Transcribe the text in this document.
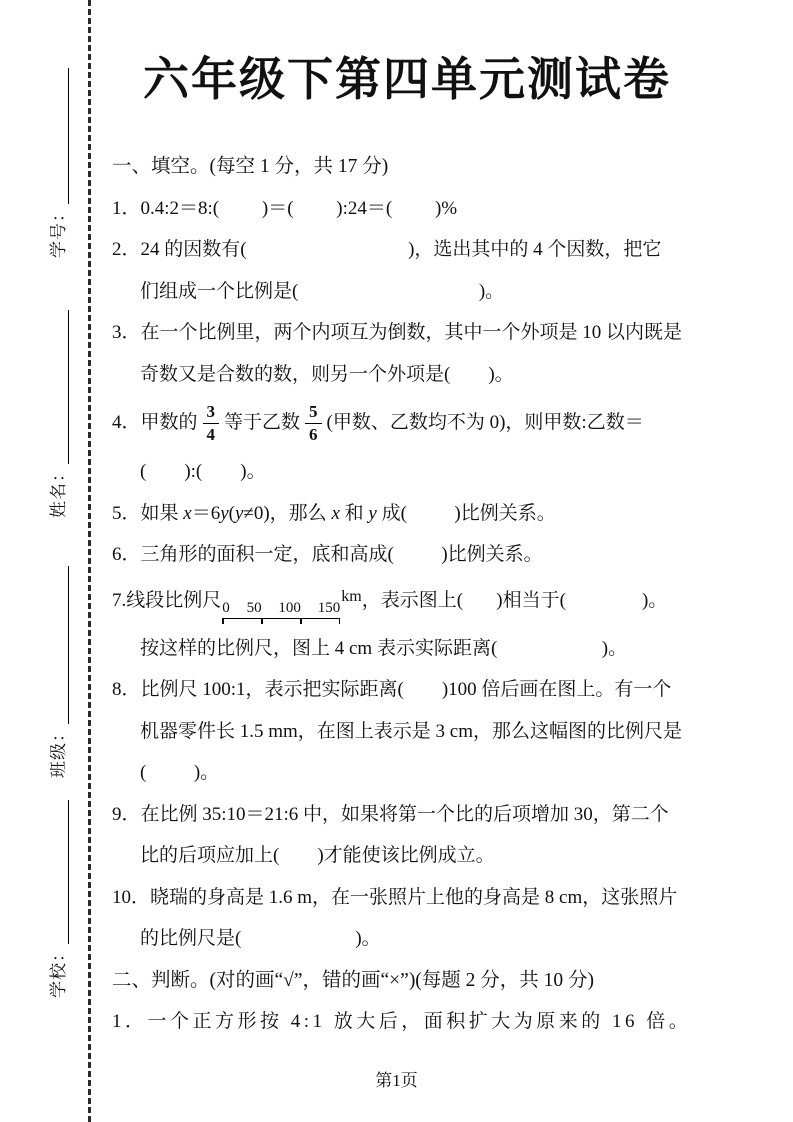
学号：
姓名：
班级：
学校：
六年级下第四单元测试卷
一、填空。(每空 1 分，共 17 分)
1．0.4:2＝8:(         )＝(         ):24＝(         )%
2．24 的因数有(                                  )，选出其中的 4 个因数，把它
们组成一个比例是(                                      )。
3．在一个比例里，两个内项互为倒数，其中一个外项是 10 以内既是
奇数又是合数的数，则另一个外项是(        )。
4．甲数的 $\frac{3}{4}$ 等于乙数 $\frac{5}{6}$ (甲数、乙数均不为 0)，则甲数:乙数＝
(        ):(        )。
5．如果 x＝6y(y≠0)，那么 x 和 y 成(          )比例关系。
6．三角形的面积一定，底和高成(          )比例关系。
7.线段比例尺 0 50 100 150
$^{km}$，表示图上(       )相当于(                )。
按这样的比例尺，图上 4 cm 表示实际距离(                      )。
8．比例尺 100:1，表示把实际距离(        )100 倍后画在图上。有一个
机器零件长 1.5 mm，在图上表示是 3 cm，那么这幅图的比例尺是
(          )。
9．在比例 35:10＝21:6 中，如果将第一个比的后项增加 30，第二个
比的后项应加上(        )才能使该比例成立。
10．晓瑞的身高是 1.6 m，在一张照片上他的身高是 8 cm，这张照片
的比例尺是(                        )。
二、判断。(对的画“√”，错的画“×”)(每题 2 分，共 10 分)
1．一个正方形按 4:1 放大后，面积扩大为原来的 16 倍。
第1页
